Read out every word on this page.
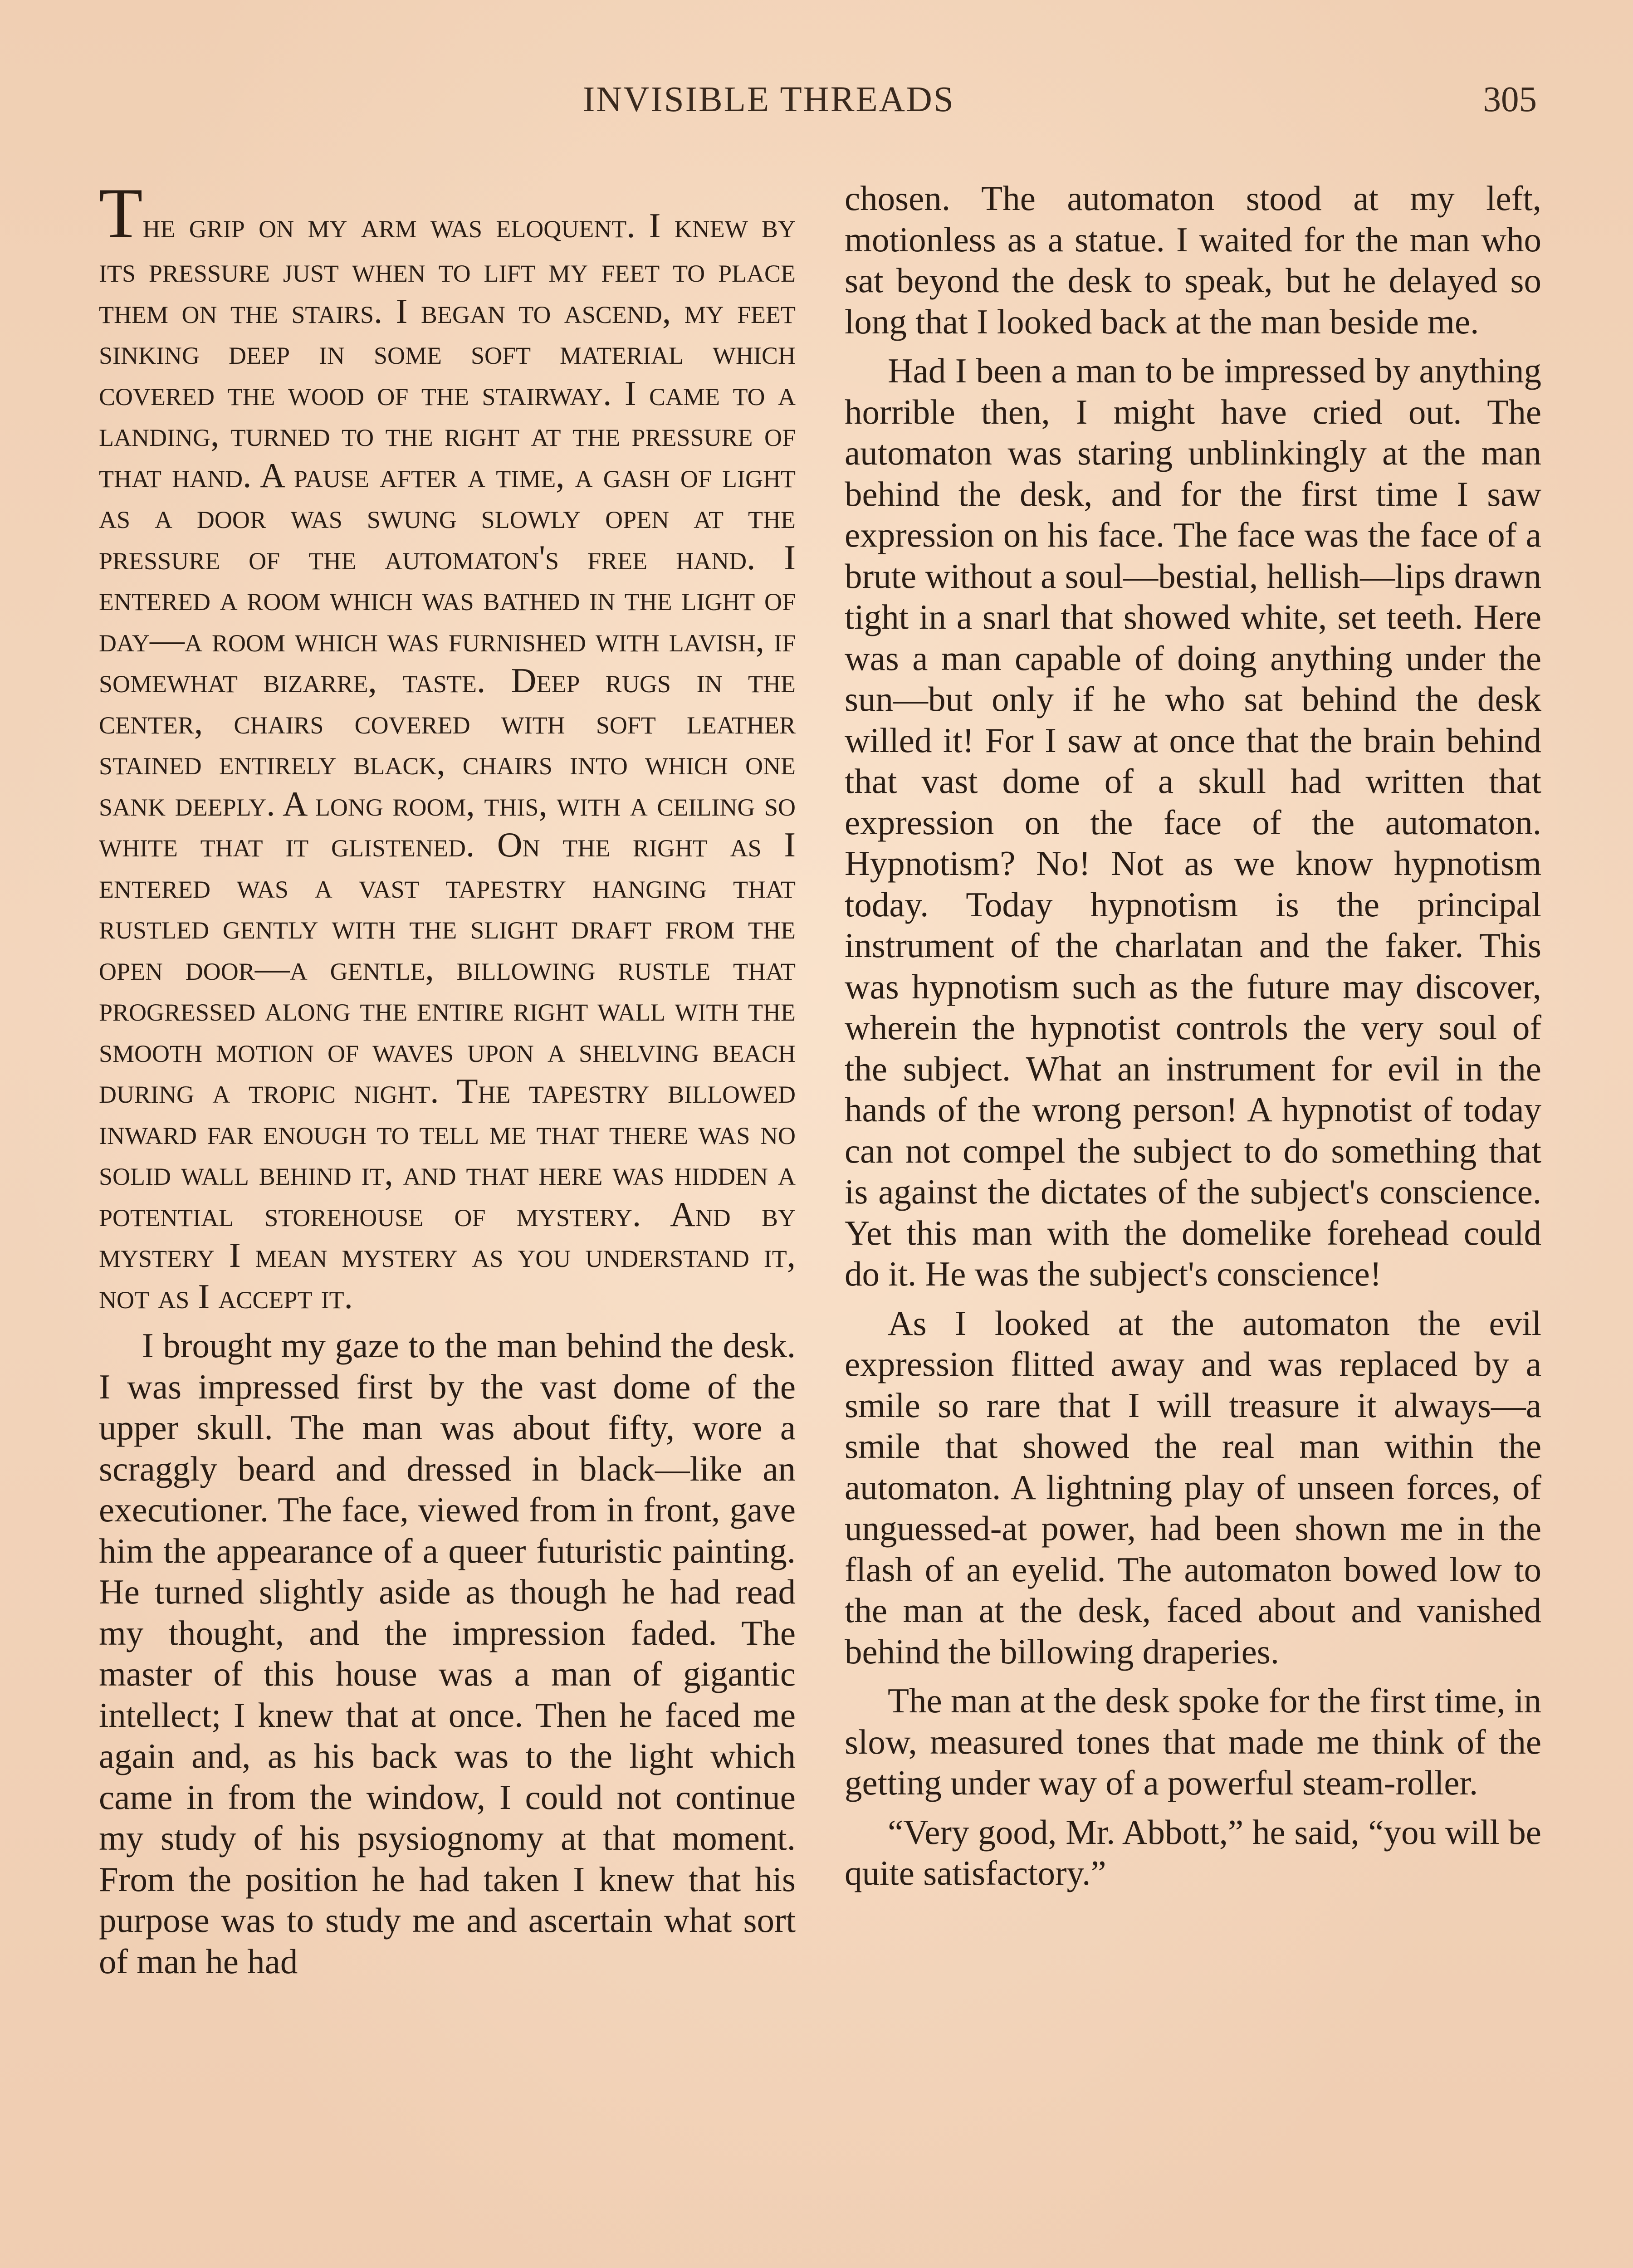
INVISIBLE THREADS	305

The grip on my arm was eloquent. I knew by its pressure just when to lift my feet to place them on the stairs. I began to ascend, my feet sinking deep in some soft material which covered the wood of the stairway. I came to a landing, turned to the right at the pressure of that hand. A pause after a time, a gash of light as a door was swung slowly open at the pressure of the automaton's free hand. I entered a room which was bathed in the light of day—a room which was furnished with lavish, if somewhat bizarre, taste. Deep rugs in the center, chairs covered with soft leather stained entirely black, chairs into which one sank deeply. A long room, this, with a ceiling so white that it glistened. On the right as I entered was a vast tapestry hanging that rustled gently with the slight draft from the open door—a gentle, billowing rustle that progressed along the entire right wall with the smooth motion of waves upon a shelving beach during a tropic night. The tapestry billowed inward far enough to tell me that there was no solid wall behind it, and that here was hidden a potential storehouse of mystery. And by mystery I mean mystery as you understand it, not as I accept it.

I brought my gaze to the man behind the desk. I was impressed first by the vast dome of the upper skull. The man was about fifty, wore a scraggly beard and dressed in black—like an executioner. The face, viewed from in front, gave him the appearance of a queer futuristic painting. He turned slightly aside as though he had read my thought, and the impression faded. The master of this house was a man of gigantic intellect; I knew that at once. Then he faced me again and, as his back was to the light which came in from the window, I could not continue my study of his psysiognomy at that moment. From the position he had taken I knew that his purpose was to study me and ascertain what sort of man he had

chosen. The automaton stood at my left, motionless as a statue. I waited for the man who sat beyond the desk to speak, but he delayed so long that I looked back at the man beside me.

Had I been a man to be impressed by anything horrible then, I might have cried out. The automaton was staring unblinkingly at the man behind the desk, and for the first time I saw expression on his face. The face was the face of a brute without a soul—bestial, hellish—lips drawn tight in a snarl that showed white, set teeth. Here was a man capable of doing anything under the sun—but only if he who sat behind the desk willed it! For I saw at once that the brain behind that vast dome of a skull had written that expression on the face of the automaton. Hypnotism? No! Not as we know hypnotism today. Today hypnotism is the principal instrument of the charlatan and the faker. This was hypnotism such as the future may discover, wherein the hypnotist controls the very soul of the subject. What an instrument for evil in the hands of the wrong person! A hypnotist of today can not compel the subject to do something that is against the dictates of the subject's conscience. Yet this man with the domelike forehead could do it. He was the subject's conscience!

As I looked at the automaton the evil expression flitted away and was replaced by a smile so rare that I will treasure it always—a smile that showed the real man within the automaton. A lightning play of unseen forces, of unguessed-at power, had been shown me in the flash of an eyelid. The automaton bowed low to the man at the desk, faced about and vanished behind the billowing draperies.

The man at the desk spoke for the first time, in slow, measured tones that made me think of the getting under way of a powerful steam-roller.

“Very good, Mr. Abbott,” he said, “you will be quite satisfactory.”
